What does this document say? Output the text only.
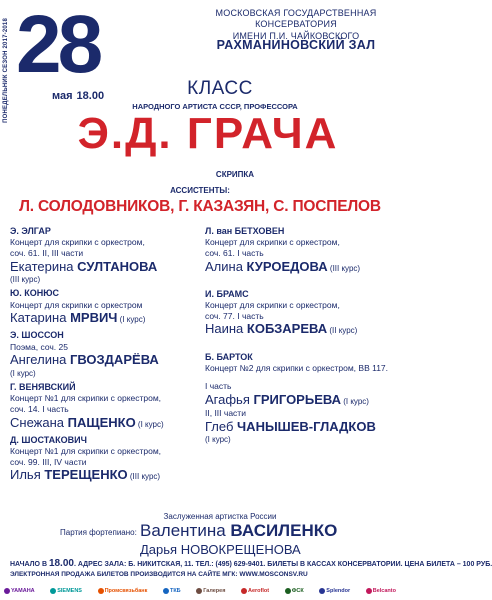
ПОНЕДЕЛЬНИК СЕЗОН 2017-2018 28
мая 18.00
МОСКОВСКАЯ ГОСУДАРСТВЕННАЯ КОНСЕРВАТОРИЯ
ИМЕНИ П.И. ЧАЙКОВСКОГО
РАХМАНИНОВСКИЙ ЗАЛ
КЛАСС
НАРОДНОГО АРТИСТА СССР, ПРОФЕССОРА
Э.Д. ГРАЧА
СКРИПКА
АССИСТЕНТЫ:
Л. СОЛОДОВНИКОВ, Г. КАЗАЗЯН, С. ПОСПЕЛОВ
Э. ЭЛГАР
Концерт для скрипки с оркестром,
соч. 61. II, III части
Екатерина СУЛТАНОВА
(III курс)
Ю. КОНЮС
Концерт для скрипки с оркестром
Катарина МРВИЧ (I курс)
Э. ШОССОН
Поэма, соч. 25
Ангелина ГВОЗДАРЁВА
(I курс)
Г. ВЕНЯВСКИЙ
Концерт №1 для скрипки с оркестром,
соч. 14. I часть
Снежана ПАЩЕНКО (I курс)
Д. ШОСТАКОВИЧ
Концерт №1 для скрипки с оркестром,
соч. 99. III, IV части
Илья ТЕРЕЩЕНКО (III курс)
Л. ван БЕТХОВЕН
Концерт для скрипки с оркестром,
соч. 61. I часть
Алина КУРОЕДОВА (III курс)
И. БРАМС
Концерт для скрипки с оркестром,
соч. 77. I часть
Наина КОБЗАРЕВА (II курс)
Б. БАРТОК
Концерт №2 для скрипки с оркестром, BB 117.
I часть
Агафья ГРИГОРЬЕВА (I курс)
II, III части
Глеб ЧАНЫШЕВ-ГЛАДКОВ
(I курс)
Заслуженная артистка России
Партия фортепиано: Валентина ВАСИЛЕНКО
Дарья НОВОКРЕЩЕНОВА
НАЧАЛО В 18.00. АДРЕС ЗАЛА: Б. НИКИТСКАЯ, 11. ТЕЛ.: (495) 629-9401. БИЛЕТЫ В КАССАХ КОНСЕРВАТОРИИ. ЦЕНА БИЛЕТА – 100 РУБ.
ЭЛЕКТРОННАЯ ПРОДАЖА БИЛЕТОВ ПРОИЗВОДИТСЯ НА САЙТЕ МГК: WWW.MOSCONSV.RU
YAMAHA	SIEMENS	Промсвязьбанк	ТКБ	Галерея	Aeroflot	ФСК	Splendor	Belcanto
